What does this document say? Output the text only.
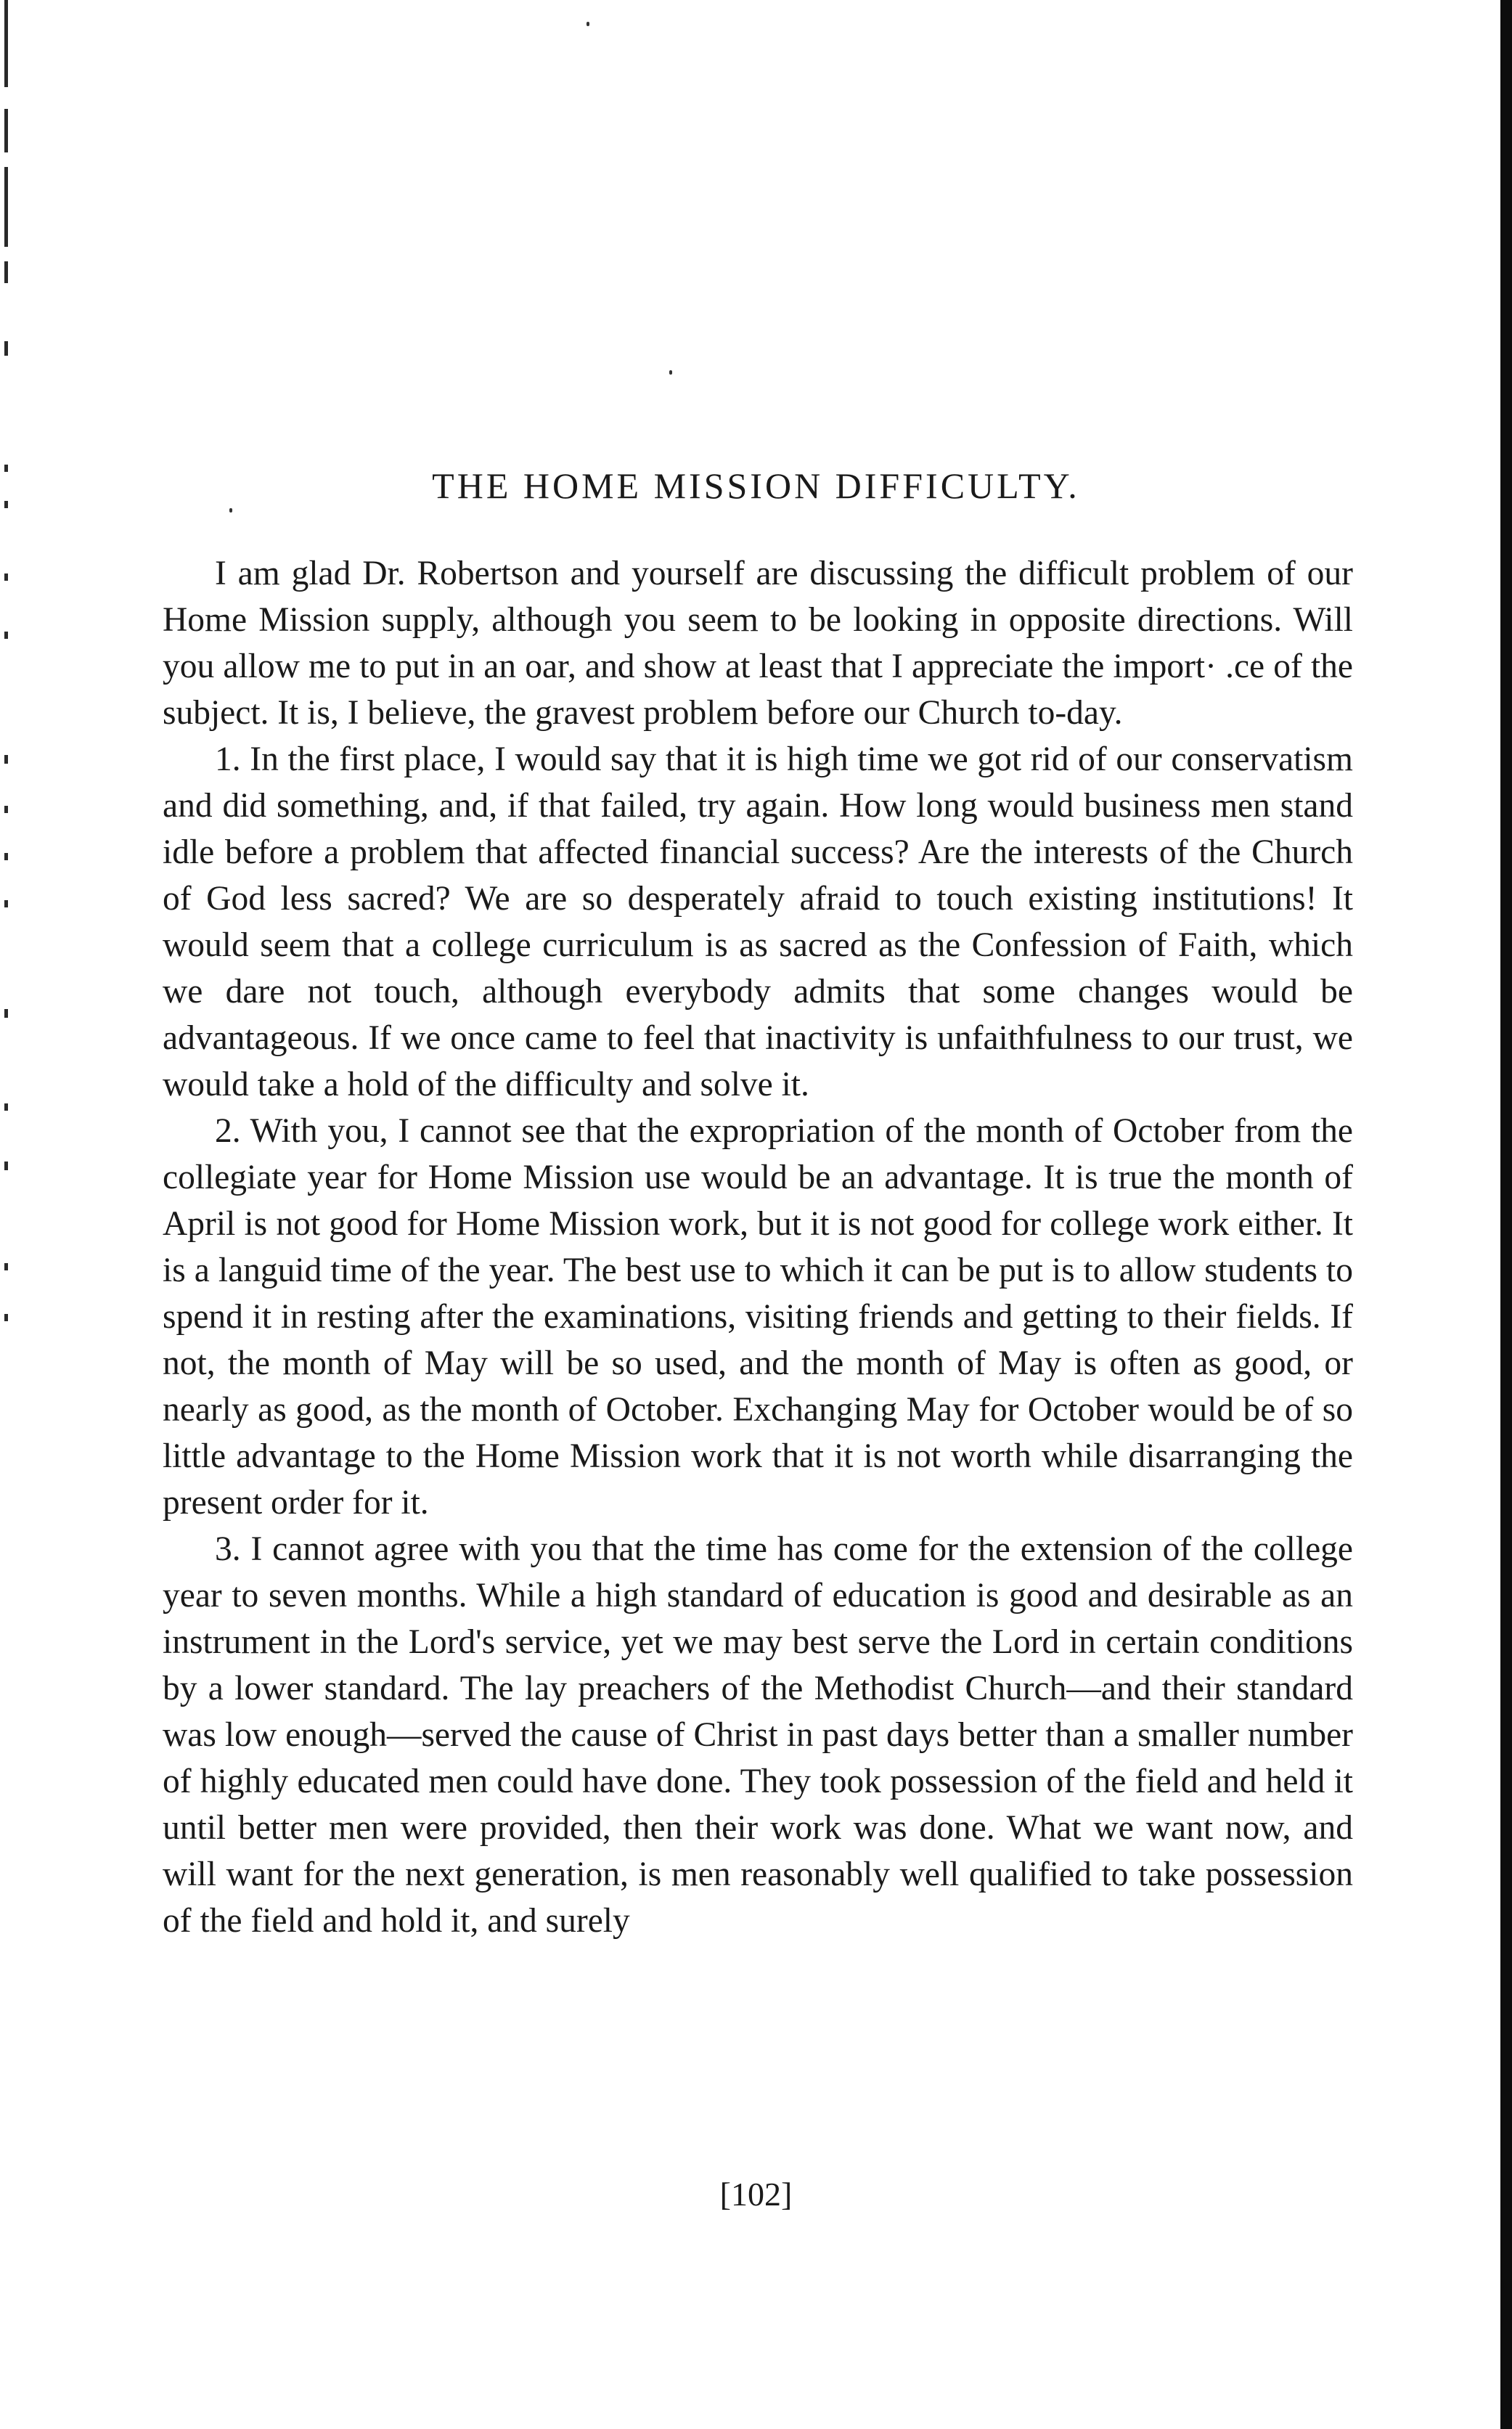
THE HOME MISSION DIFFICULTY.

I am glad Dr. Robertson and yourself are discussing the difficult problem of our Home Mission supply, although you seem to be looking in opposite directions. Will you allow me to put in an oar, and show at least that I appreciate the import· .ce of the subject. It is, I believe, the gravest problem before our Church to-day.

1. In the first place, I would say that it is high time we got rid of our conservatism and did something, and, if that failed, try again. How long would business men stand idle before a problem that affected financial success? Are the interests of the Church of God less sacred? We are so desperately afraid to touch existing institutions! It would seem that a college curriculum is as sacred as the Confession of Faith, which we dare not touch, although everybody admits that some changes would be advantageous. If we once came to feel that inactivity is unfaithfulness to our trust, we would take a hold of the difficulty and solve it.

2. With you, I cannot see that the expropriation of the month of October from the collegiate year for Home Mission use would be an advantage. It is true the month of April is not good for Home Mission work, but it is not good for college work either. It is a languid time of the year. The best use to which it can be put is to allow students to spend it in resting after the examinations, visiting friends and getting to their fields. If not, the month of May will be so used, and the month of May is often as good, or nearly as good, as the month of October. Exchanging May for October would be of so little advantage to the Home Mission work that it is not worth while disarranging the present order for it.

3. I cannot agree with you that the time has come for the extension of the college year to seven months. While a high standard of education is good and desirable as an instrument in the Lord's service, yet we may best serve the Lord in certain conditions by a lower standard. The lay preachers of the Methodist Church—and their standard was low enough—served the cause of Christ in past days better than a smaller number of highly educated men could have done. They took possession of the field and held it until better men were provided, then their work was done. What we want now, and will want for the next generation, is men reasonably well qualified to take possession of the field and hold it, and surely

[102]
